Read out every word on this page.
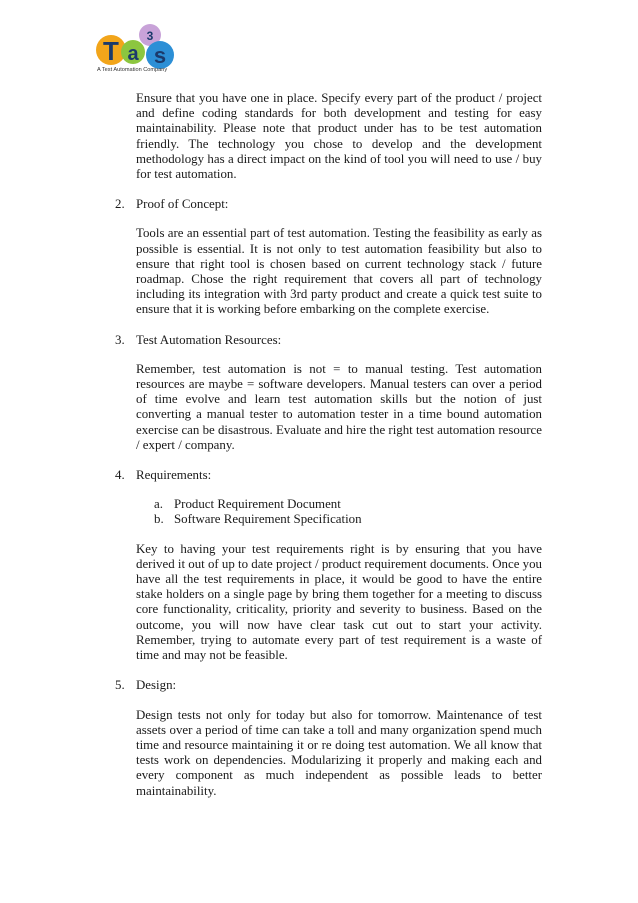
T a s
3
A Test Automation Company

Ensure that you have one in place. Specify every part of the product / project and define coding standards for both development and testing for easy maintainability. Please note that product under has to be test automation friendly. The technology you chose to develop and the development methodology has a direct impact on the kind of tool you will need to use / buy for test automation.

2. Proof of Concept:

Tools are an essential part of test automation. Testing the feasibility as early as possible is essential. It is not only to test automation feasibility but also to ensure that right tool is chosen based on current technology stack / future roadmap. Chose the right requirement that covers all part of technology including its integration with 3rd party product and create a quick test suite to ensure that it is working before embarking on the complete exercise.

3. Test Automation Resources:

Remember, test automation is not = to manual testing. Test automation resources are maybe = software developers. Manual testers can over a period of time evolve and learn test automation skills but the notion of just converting a manual tester to automation tester in a time bound automation exercise can be disastrous. Evaluate and hire the right test automation resource / expert / company.

4. Requirements:

a. Product Requirement Document

b. Software Requirement Specification

Key to having your test requirements right is by ensuring that you have derived it out of up to date project / product requirement documents. Once you have all the test requirements in place, it would be good to have the entire stake holders on a single page by bring them together for a meeting to discuss core functionality, criticality, priority and severity to business. Based on the outcome, you will now have clear task cut out to start your activity. Remember, trying to automate every part of test requirement is a waste of time and may not be feasible.

5. Design:

Design tests not only for today but also for tomorrow. Maintenance of test assets over a period of time can take a toll and many organization spend much time and resource maintaining it or re doing test automation. We all know that tests work on dependencies. Modularizing it properly and making each and every component as much independent as possible leads to better maintainability.
